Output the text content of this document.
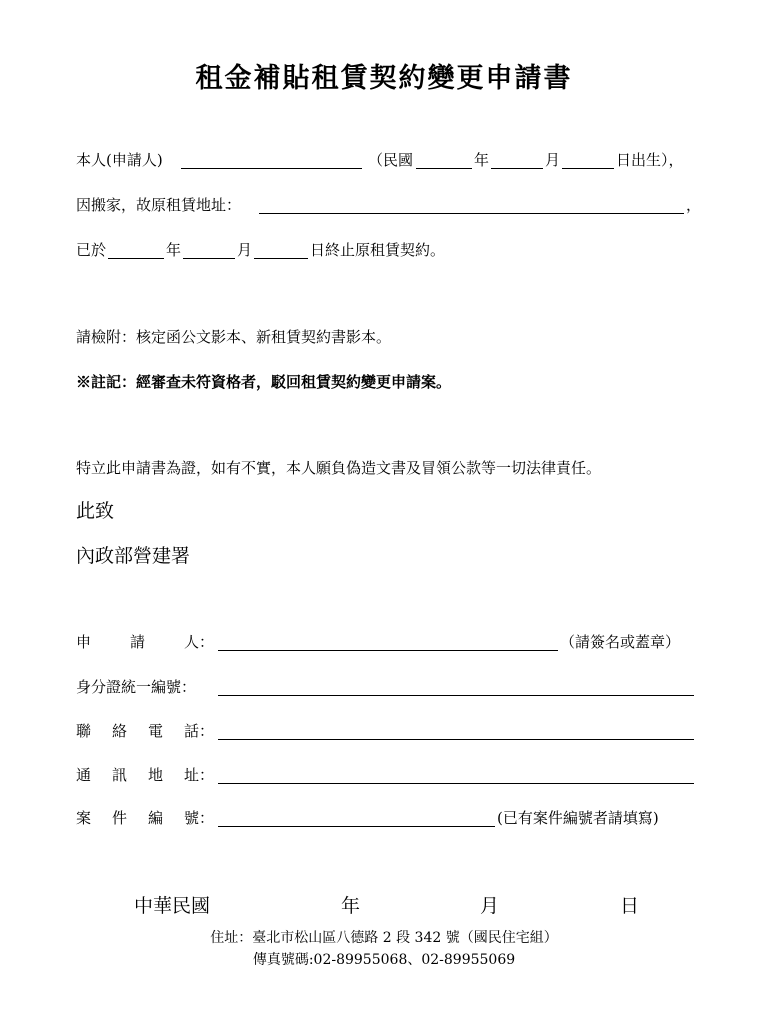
租金補貼租賃契約變更申請書
本人(申請人)	（民國	年	月	日出生），
因搬家，故原租賃地址：	，
已於	年	月	日終止原租賃契約。
請檢附：核定函公文影本、新租賃契約書影本。
※註記：經審查未符資格者，駁回租賃契約變更申請案。
特立此申請書為證，如有不實，本人願負偽造文書及冒領公款等一切法律責任。
此致
內政部營建署
申	請	人：	（請簽名或蓋章）
身分證統一編號：
聯 絡 電 話：
通 訊 地 址：
案 件 編 號：	(已有案件編號者請填寫)
中華民國	年	月	日
住址：臺北市松山區八德路 2 段 342 號（國民住宅組）
傳真號碼:02-89955068、02-89955069
